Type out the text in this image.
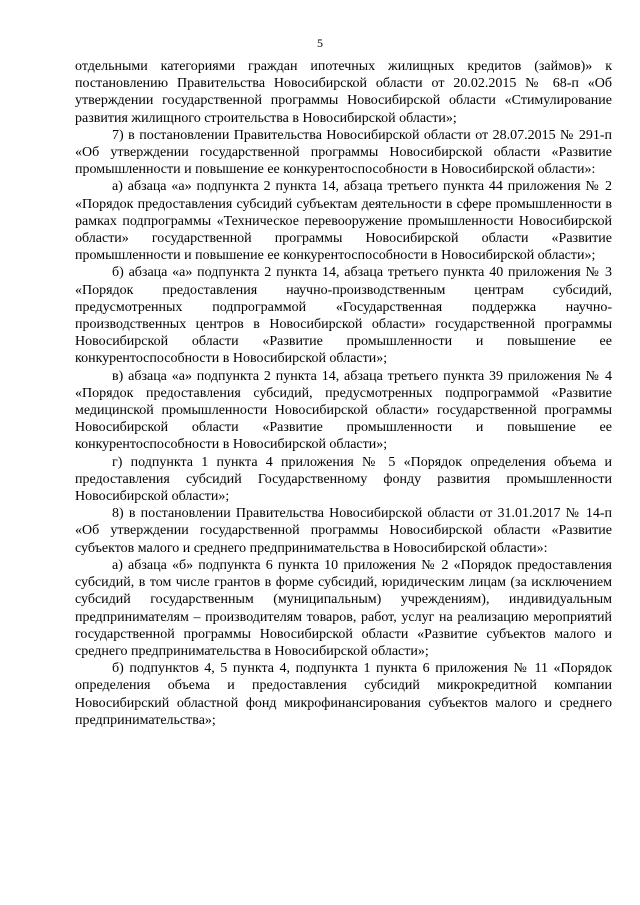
5

отдельными категориями граждан ипотечных жилищных кредитов (займов)» к постановлению Правительства Новосибирской области от 20.02.2015 № 68-п «Об утверждении государственной программы Новосибирской области «Стимулирование развития жилищного строительства в Новосибирской области»;

7) в постановлении Правительства Новосибирской области от 28.07.2015 № 291-п «Об утверждении государственной программы Новосибирской области «Развитие промышленности и повышение ее конкурентоспособности в Новосибирской области»:

а) абзаца «а» подпункта 2 пункта 14, абзаца третьего пункта 44 приложения № 2 «Порядок предоставления субсидий субъектам деятельности в сфере промышленности в рамках подпрограммы «Техническое перевооружение промышленности Новосибирской области» государственной программы Новосибирской области «Развитие промышленности и повышение ее конкурентоспособности в Новосибирской области»;

б) абзаца «а» подпункта 2 пункта 14, абзаца третьего пункта 40 приложения № 3 «Порядок предоставления научно-производственным центрам субсидий, предусмотренных подпрограммой «Государственная поддержка научно-производственных центров в Новосибирской области» государственной программы Новосибирской области «Развитие промышленности и повышение ее конкурентоспособности в Новосибирской области»;

в) абзаца «а» подпункта 2 пункта 14, абзаца третьего пункта 39 приложения № 4 «Порядок предоставления субсидий, предусмотренных подпрограммой «Развитие медицинской промышленности Новосибирской области» государственной программы Новосибирской области «Развитие промышленности и повышение ее конкурентоспособности в Новосибирской области»;

г) подпункта 1 пункта 4 приложения № 5 «Порядок определения объема и предоставления субсидий Государственному фонду развития промышленности Новосибирской области»;

8) в постановлении Правительства Новосибирской области от 31.01.2017 № 14-п «Об утверждении государственной программы Новосибирской области «Развитие субъектов малого и среднего предпринимательства в Новосибирской области»:

а) абзаца «б» подпункта 6 пункта 10 приложения № 2 «Порядок предоставления субсидий, в том числе грантов в форме субсидий, юридическим лицам (за исключением субсидий государственным (муниципальным) учреждениям), индивидуальным предпринимателям – производителям товаров, работ, услуг на реализацию мероприятий государственной программы Новосибирской области «Развитие субъектов малого и среднего предпринимательства в Новосибирской области»;

б) подпунктов 4, 5 пункта 4, подпункта 1 пункта 6 приложения № 11 «Порядок определения объема и предоставления субсидий микрокредитной компании Новосибирский областной фонд микрофинансирования субъектов малого и среднего предпринимательства»;
